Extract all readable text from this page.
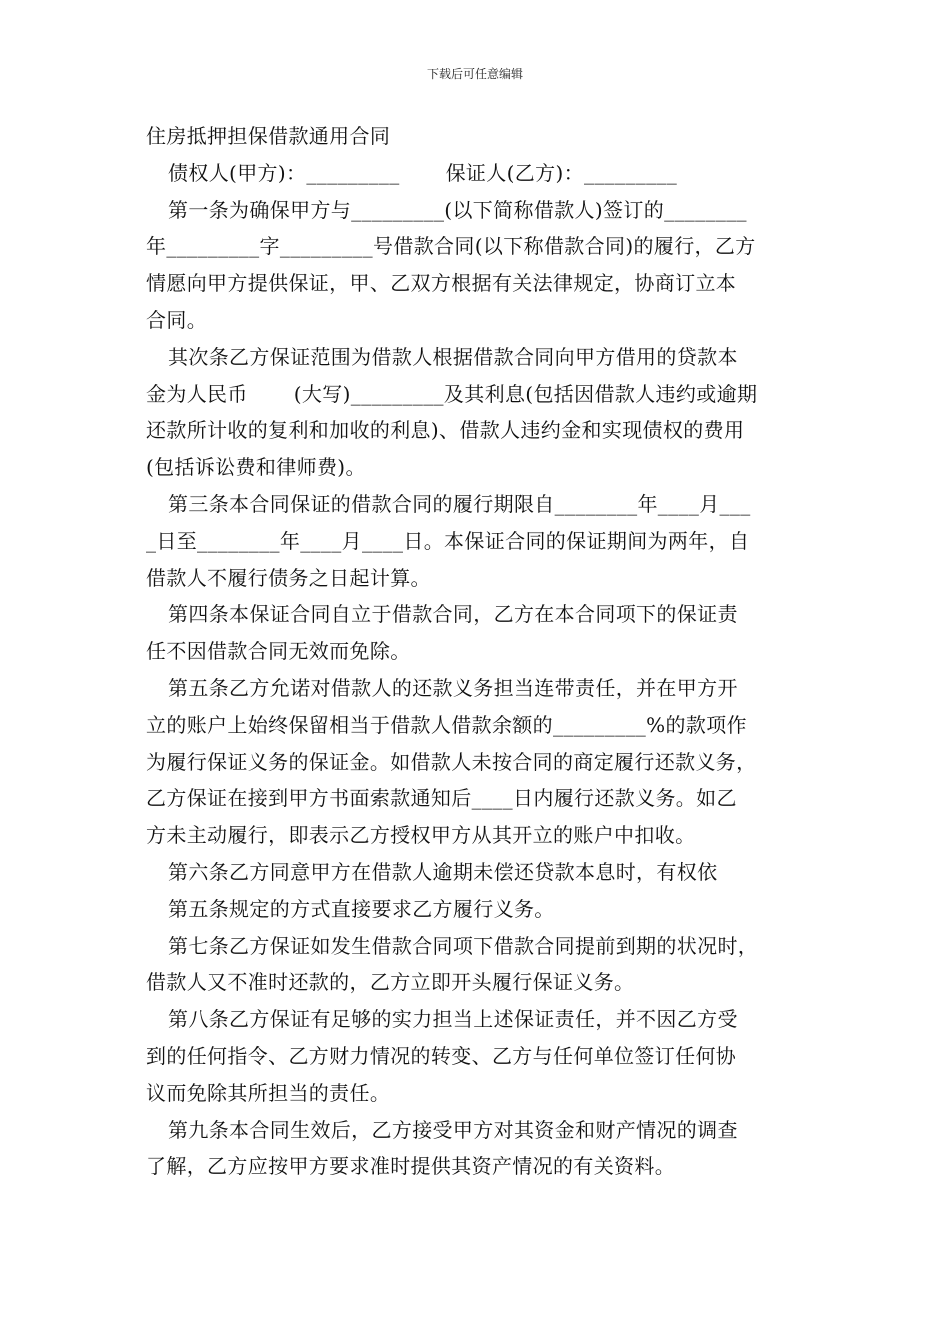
下载后可任意编辑

住房抵押担保借款通用合同

债权人(甲方)：_________ 保证人(乙方)：_________

第一条为确保甲方与_________(以下简称借款人)签订的________

年_________字_________号借款合同(以下称借款合同)的履行，乙方

情愿向甲方提供保证，甲、乙双方根据有关法律规定，协商订立本

合同。

其次条乙方保证范围为借款人根据借款合同向甲方借用的贷款本

金为人民币 (大写)_________及其利息(包括因借款人违约或逾期

还款所计收的复利和加收的利息)、借款人违约金和实现债权的费用

(包括诉讼费和律师费)。

第三条本合同保证的借款合同的履行期限自________年____月___

_日至________年____月____日。本保证合同的保证期间为两年，自

借款人不履行债务之日起计算。

第四条本保证合同自立于借款合同，乙方在本合同项下的保证责

任不因借款合同无效而免除。

第五条乙方允诺对借款人的还款义务担当连带责任，并在甲方开

立的账户上始终保留相当于借款人借款余额的_________%的款项作

为履行保证义务的保证金。如借款人未按合同的商定履行还款义务，

乙方保证在接到甲方书面索款通知后____日内履行还款义务。如乙

方未主动履行，即表示乙方授权甲方从其开立的账户中扣收。

第六条乙方同意甲方在借款人逾期未偿还贷款本息时，有权依

第五条规定的方式直接要求乙方履行义务。

第七条乙方保证如发生借款合同项下借款合同提前到期的状况时，

借款人又不准时还款的，乙方立即开头履行保证义务。

第八条乙方保证有足够的实力担当上述保证责任，并不因乙方受

到的任何指令、乙方财力情况的转变、乙方与任何单位签订任何协

议而免除其所担当的责任。

第九条本合同生效后，乙方接受甲方对其资金和财产情况的调查

了解，乙方应按甲方要求准时提供其资产情况的有关资料。
